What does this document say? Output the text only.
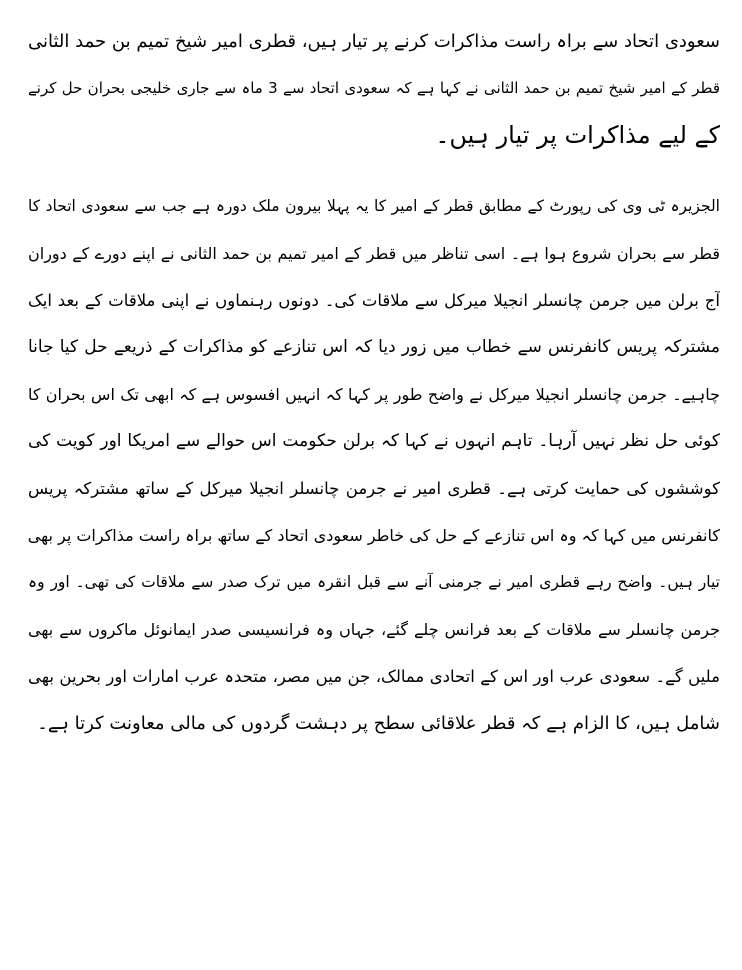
سعودی اتحاد سے براہ راست مذاکرات کرنے پر تیار ہیں، قطری امیر شیخ تمیم بن حمد الثانی
قطر کے امیر شیخ تمیم بن حمد الثانی نے کہا ہے کہ سعودی اتحاد سے 3 ماہ سے جاری خلیجی بحران حل کرنے
کے لیے مذاکرات پر تیار ہیں۔

الجزیرہ ٹی وی کی رپورٹ کے مطابق قطر کے امیر کا یہ پہلا بیرون ملک دورہ ہے جب سے سعودی اتحاد کا
قطر سے بحران شروع ہوا ہے۔ اسی تناظر میں قطر کے امیر تمیم بن حمد الثانی نے اپنے دورے کے دوران
آج برلن میں جرمن چانسلر انجیلا میرکل سے ملاقات کی۔ دونوں رہنماوں نے اپنی ملاقات کے بعد ایک
مشترکہ پریس کانفرنس سے خطاب میں زور دیا کہ اس تنازعے کو مذاکرات کے ذریعے حل کیا جانا
چاہیے۔ جرمن چانسلر انجیلا میرکل نے واضح طور پر کہا کہ انہیں افسوس ہے کہ ابھی تک اس بحران کا
کوئی حل نظر نہیں آرہا۔ تاہم انہوں نے کہا کہ برلن حکومت اس حوالے سے امریکا اور کویت کی
کوششوں کی حمایت کرتی ہے۔ قطری امیر نے جرمن چانسلر انجیلا میرکل کے ساتھ مشترکہ پریس
کانفرنس میں کہا کہ وہ اس تنازعے کے حل کی خاطر سعودی اتحاد کے ساتھ براہ راست مذاکرات پر بھی
تیار ہیں۔ واضح رہے قطری امیر نے جرمنی آنے سے قبل انقرہ میں ترک صدر سے ملاقات کی تھی۔ اور وہ
جرمن چانسلر سے ملاقات کے بعد فرانس چلے گئے، جہاں وہ فرانسیسی صدر ایمانوئل ماکروں سے بھی
ملیں گے۔ سعودی عرب اور اس کے اتحادی ممالک، جن میں مصر، متحدہ عرب امارات اور بحرین بھی
شامل ہیں، کا الزام ہے کہ قطر علاقائی سطح پر دہشت گردوں کی مالی معاونت کرتا ہے۔
